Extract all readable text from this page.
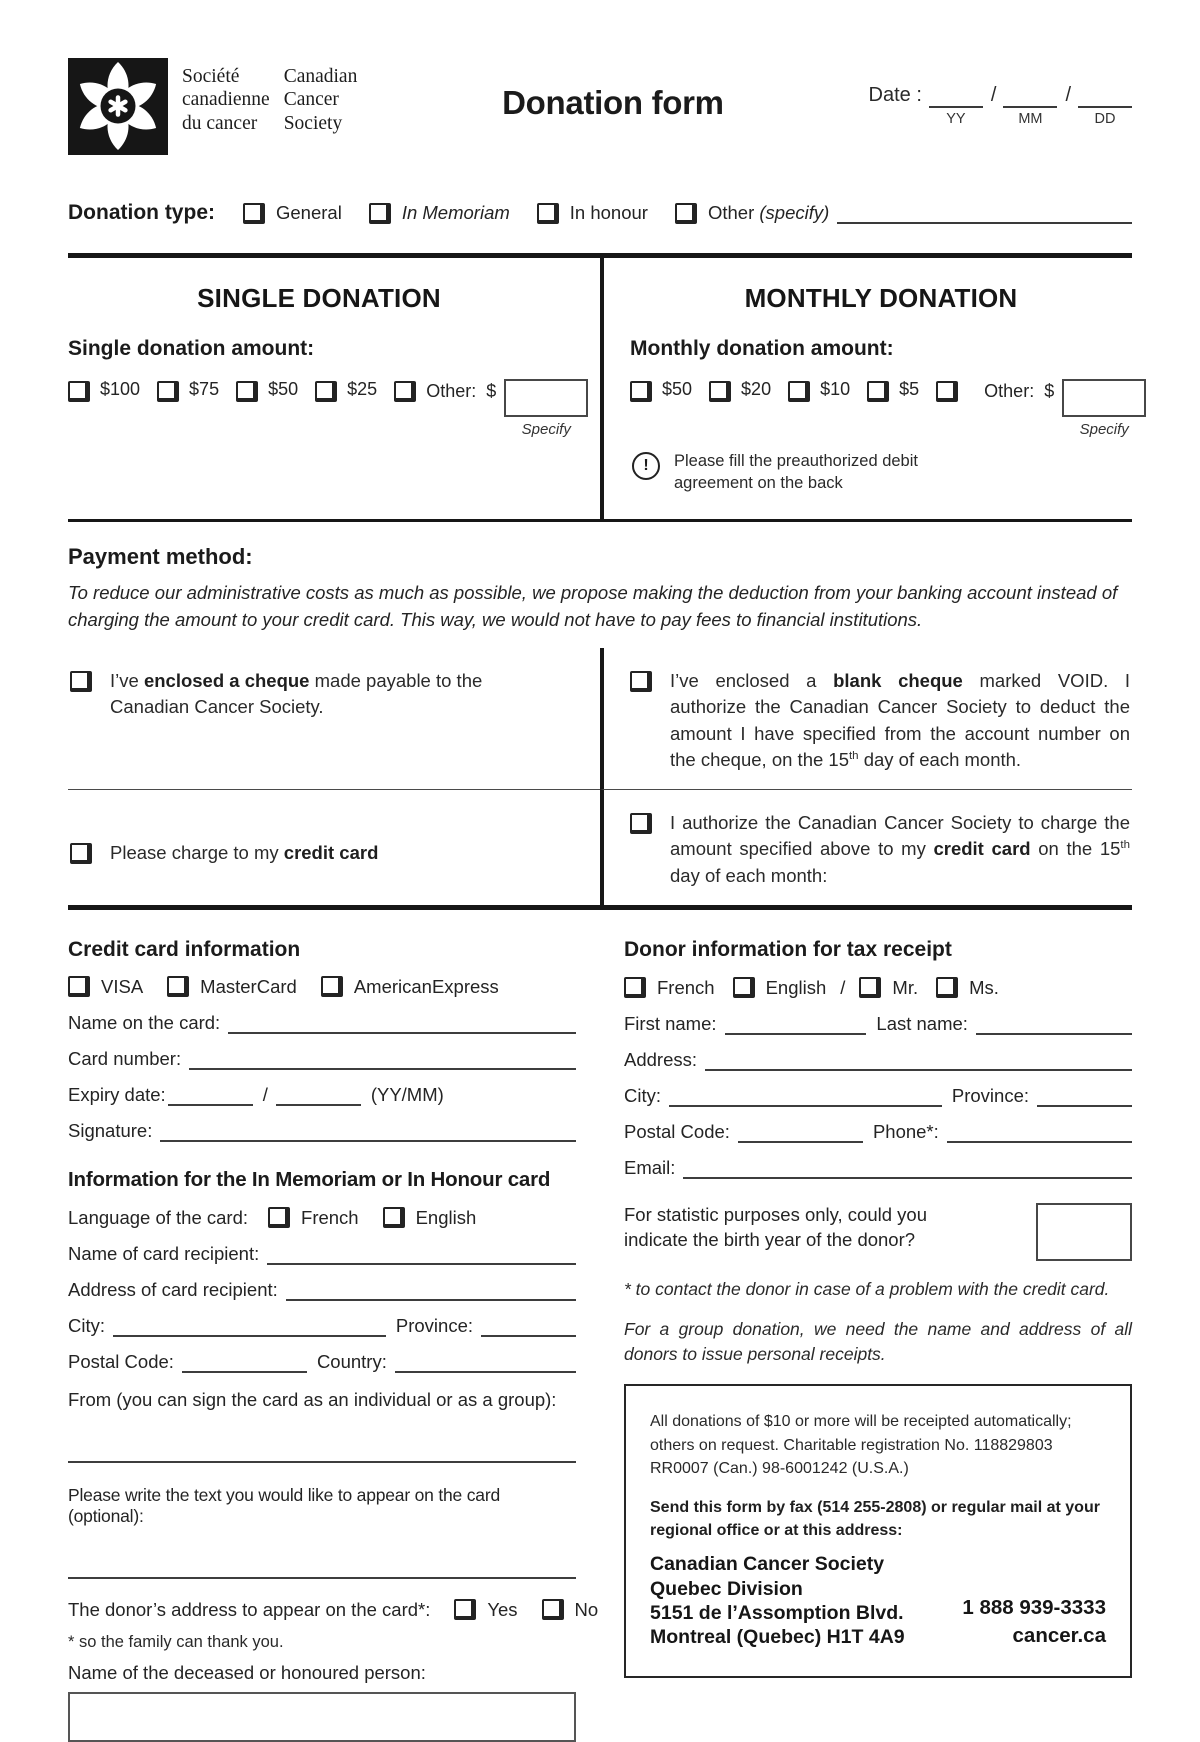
Société
canadienne
du cancer
Canadian
Cancer
Society
Donation form	Date :
YY
/
MM
/
DD
Donation type:	General	In Memoriam	In honour	Other
(specify)
SINGLE DONATION
Single donation amount:
$100	$75	$50	$25	Other: $
Specify
MONTHLY DONATION
Monthly donation amount:
$50	$20	$10	$5	Other: $
Specify
!	Please fill the preauthorized debit agreement on the back
Payment method:
To reduce our administrative costs as much as possible, we propose making the deduction from your banking account instead of charging the amount to your credit card. This way, we would not have to pay fees to financial institutions.
I’ve enclosed a cheque made payable to the Canadian Cancer Society.
I’ve enclosed a blank cheque marked VOID. I authorize the Canadian Cancer Society to deduct the amount I have specified from the account number on the cheque, on the 15th day of each month.
Please charge to my credit card
I authorize the Canadian Cancer Society to charge the amount specified above to my credit card on the 15th day of each month:
Credit card information
VISA	MasterCard	AmericanExpress
Name on the card:
Card number:
Expiry date:	/	(YY/MM)
Signature:
Information for the In Memoriam or In Honour card
Language of the card:	French	English
Name of card recipient:
Address of card recipient:
City:	Province:
Postal Code:	Country:
From (you can sign the card as an individual or as a group):
Please write the text you would like to appear on the card (optional):
The donor’s address to appear on the card*:	Yes	No
* so the family can thank you.
Name of the deceased or honoured person:
Donor information for tax receipt
French	English /	Mr.	Ms.
First name:	Last name:
Address:
City:	Province:
Postal Code:	Phone*:
Email:
For statistic purposes only, could you indicate the birth year of the donor?
* to contact the donor in case of a problem with the credit card.
For a group donation, we need the name and address of all donors to issue personal receipts.
All donations of $10 or more will be receipted automatically; others on request. Charitable registration No. 118829803 RR0007 (Can.) 98-6001242 (U.S.A.)
Send this form by fax (514 255-2808) or regular mail at your regional office or at this address:
Canadian Cancer Society
Quebec Division
5151 de l’Assomption Blvd.
Montreal (Quebec) H1T 4A9
1 888 939-3333
cancer.ca
